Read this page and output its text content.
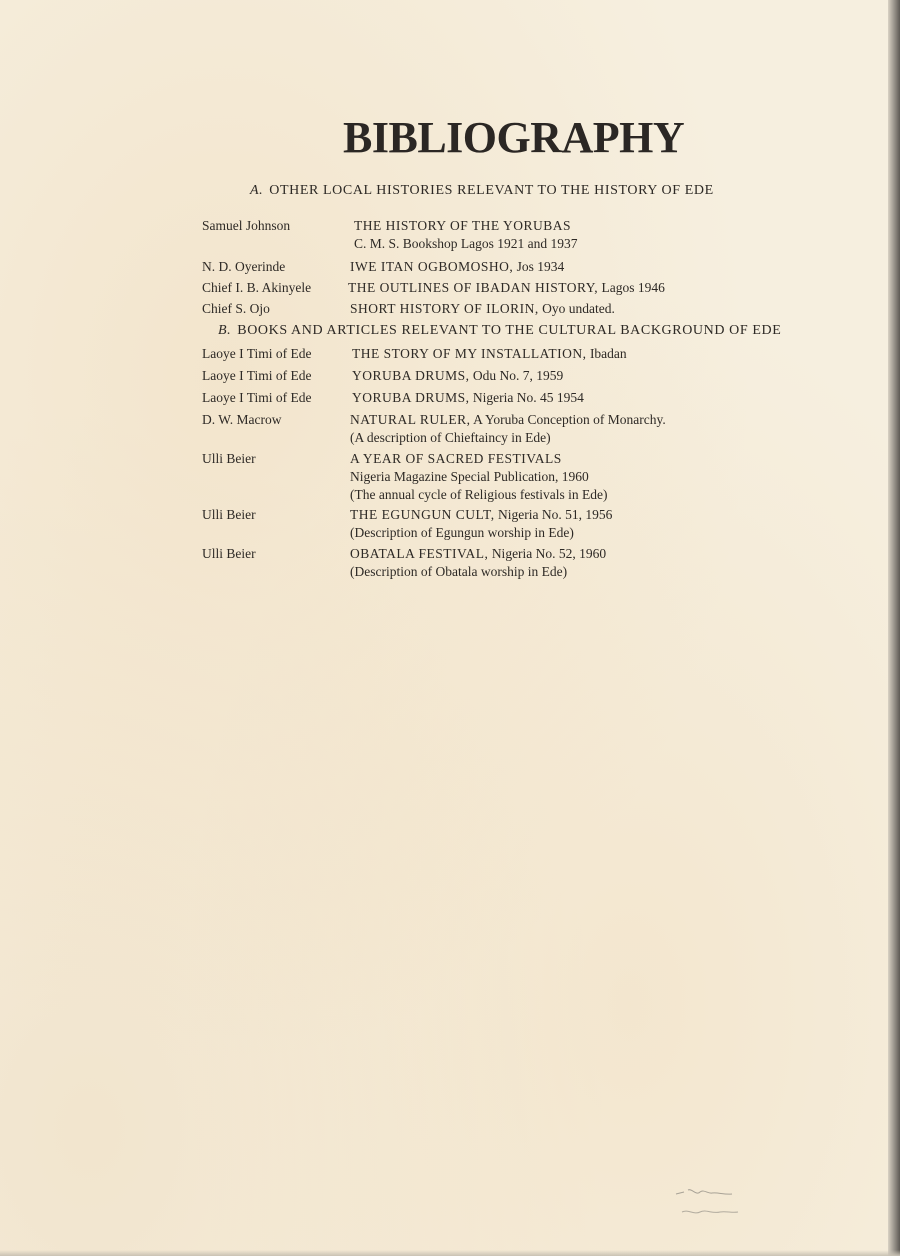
BIBLIOGRAPHY
A. OTHER LOCAL HISTORIES RELEVANT TO THE HISTORY OF EDE
Samuel Johnson	THE HISTORY OF THE YORUBAS
C. M. S. Bookshop Lagos 1921 and 1937
N. D. Oyerinde	IWE ITAN OGBOMOSHO, Jos 1934
Chief I. B. Akinyele	THE OUTLINES OF IBADAN HISTORY, Lagos 1946
Chief S. Ojo	SHORT HISTORY OF ILORIN, Oyo undated.
B. BOOKS AND ARTICLES RELEVANT TO THE CULTURAL BACKGROUND OF EDE
Laoye I Timi of Ede	THE STORY OF MY INSTALLATION, Ibadan
Laoye I Timi of Ede	YORUBA DRUMS, Odu No. 7, 1959
Laoye I Timi of Ede	YORUBA DRUMS, Nigeria No. 45 1954
D. W. Macrow	NATURAL RULER, A Yoruba Conception of Monarchy.
(A description of Chieftaincy in Ede)
Ulli Beier	A YEAR OF SACRED FESTIVALS
Nigeria Magazine Special Publication, 1960
(The annual cycle of Religious festivals in Ede)
Ulli Beier	THE EGUNGUN CULT, Nigeria No. 51, 1956
(Description of Egungun worship in Ede)
Ulli Beier	OBATALA FESTIVAL, Nigeria No. 52, 1960
(Description of Obatala worship in Ede)
